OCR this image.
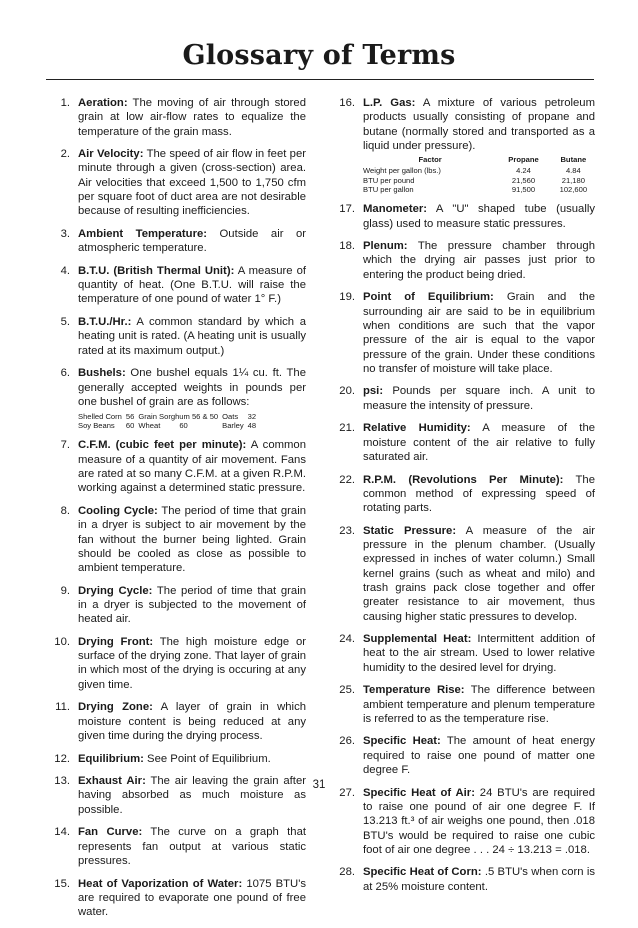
Glossary of Terms
1. Aeration: The moving of air through stored grain at low air-flow rates to equalize the temperature of the grain mass.
2. Air Velocity: The speed of air flow in feet per minute through a given (cross-section) area. Air velocities that exceed 1,500 to 1,750 cfm per square foot of duct area are not desirable because of resulting inefficiencies.
3. Ambient Temperature: Outside air or atmospheric temperature.
4. B.T.U. (British Thermal Unit): A measure of quantity of heat. (One B.T.U. will raise the temperature of one pound of water 1° F.)
5. B.T.U./Hr.: A common standard by which a heating unit is rated. (A heating unit is usually rated at its maximum output.)
6. Bushels: One bushel equals 1¼ cu. ft. The generally accepted weights in pounds per one bushel of grain are as follows:
Shelled Corn	56	Grain Sorghum 56 & 50	Oats	32
Soy Beans	60	Wheat 60	Barley	48
7. C.F.M. (cubic feet per minute): A common measure of a quantity of air movement. Fans are rated at so many C.F.M. at a given R.P.M. working against a determined static pressure.
8. Cooling Cycle: The period of time that grain in a dryer is subject to air movement by the fan without the burner being lighted. Grain should be cooled as close as possible to ambient temperature.
9. Drying Cycle: The period of time that grain in a dryer is subjected to the movement of heated air.
10. Drying Front: The high moisture edge or surface of the drying zone. That layer of grain in which most of the drying is occuring at any given time.
11. Drying Zone: A layer of grain in which moisture content is being reduced at any given time during the drying process.
12. Equilibrium: See Point of Equilibrium.
13. Exhaust Air: The air leaving the grain after having absorbed as much moisture as possible.
14. Fan Curve: The curve on a graph that represents fan output at various static pressures.
15. Heat of Vaporization of Water: 1075 BTU's are required to evaporate one pound of free water.
16. L.P. Gas: A mixture of various petroleum products usually consisting of propane and butane (normally stored and transported as a liquid under pressure).
Factor	Propane	Butane
Weight per gallon (lbs.)	4.24	4.84
BTU per pound	21,560	21,180
BTU per gallon	91,500	102,600
17. Manometer: A "U" shaped tube (usually glass) used to measure static pressures.
18. Plenum: The pressure chamber through which the drying air passes just prior to entering the product being dried.
19. Point of Equilibrium: Grain and the surrounding air are said to be in equilibrium when conditions are such that the vapor pressure of the air is equal to the vapor pressure of the grain. Under these conditions no transfer of moisture will take place.
20. psi: Pounds per square inch. A unit to measure the intensity of pressure.
21. Relative Humidity: A measure of the moisture content of the air relative to fully saturated air.
22. R.P.M. (Revolutions Per Minute): The common method of expressing speed of rotating parts.
23. Static Pressure: A measure of the air pressure in the plenum chamber. (Usually expressed in inches of water column.) Small kernel grains (such as wheat and milo) and trash grains pack close together and offer greater resistance to air movement, thus causing higher static pressures to develop.
24. Supplemental Heat: Intermittent addition of heat to the air stream. Used to lower relative humidity to the desired level for drying.
25. Temperature Rise: The difference between ambient temperature and plenum temperature is referred to as the temperature rise.
26. Specific Heat: The amount of heat energy required to raise one pound of matter one degree F.
27. Specific Heat of Air: 24 BTU's are required to raise one pound of air one degree F. If 13.213 ft.³ of air weighs one pound, then .018 BTU's would be required to raise one cubic foot of air one degree . . . 24 ÷ 13.213 = .018.
28. Specific Heat of Corn: .5 BTU's when corn is at 25% moisture content.
31
